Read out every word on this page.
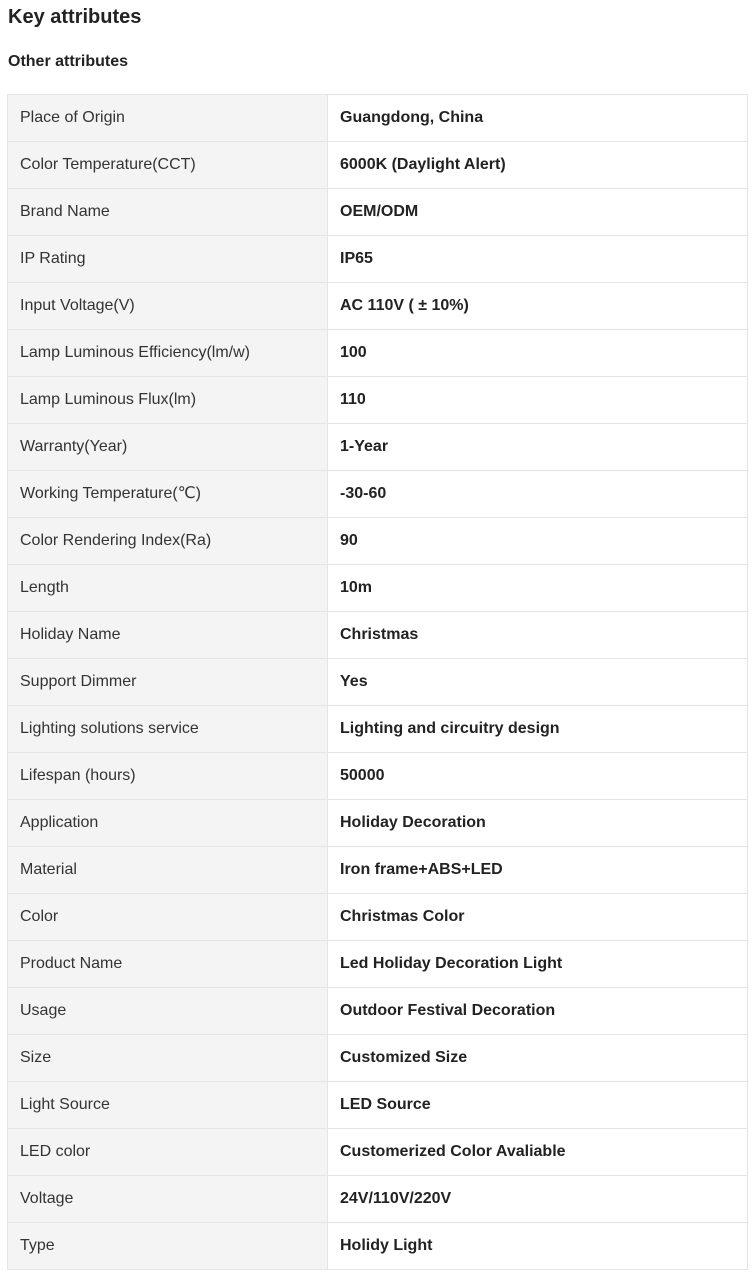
Key attributes
Other attributes
Place of Origin	Guangdong, China
Color Temperature(CCT)	6000K (Daylight Alert)
Brand Name	OEM/ODM
IP Rating	IP65
Input Voltage(V)	AC 110V ( ± 10%)
Lamp Luminous Efficiency(lm/w)	100
Lamp Luminous Flux(lm)	110
Warranty(Year)	1-Year
Working Temperature(℃)	-30-60
Color Rendering Index(Ra)	90
Length	10m
Holiday Name	Christmas
Support Dimmer	Yes
Lighting solutions service	Lighting and circuitry design
Lifespan (hours)	50000
Application	Holiday Decoration
Material	Iron frame+ABS+LED
Color	Christmas Color
Product Name	Led Holiday Decoration Light
Usage	Outdoor Festival Decoration
Size	Customized Size
Light Source	LED Source
LED color	Customerized Color Avaliable
Voltage	24V/110V/220V
Type	Holidy Light
